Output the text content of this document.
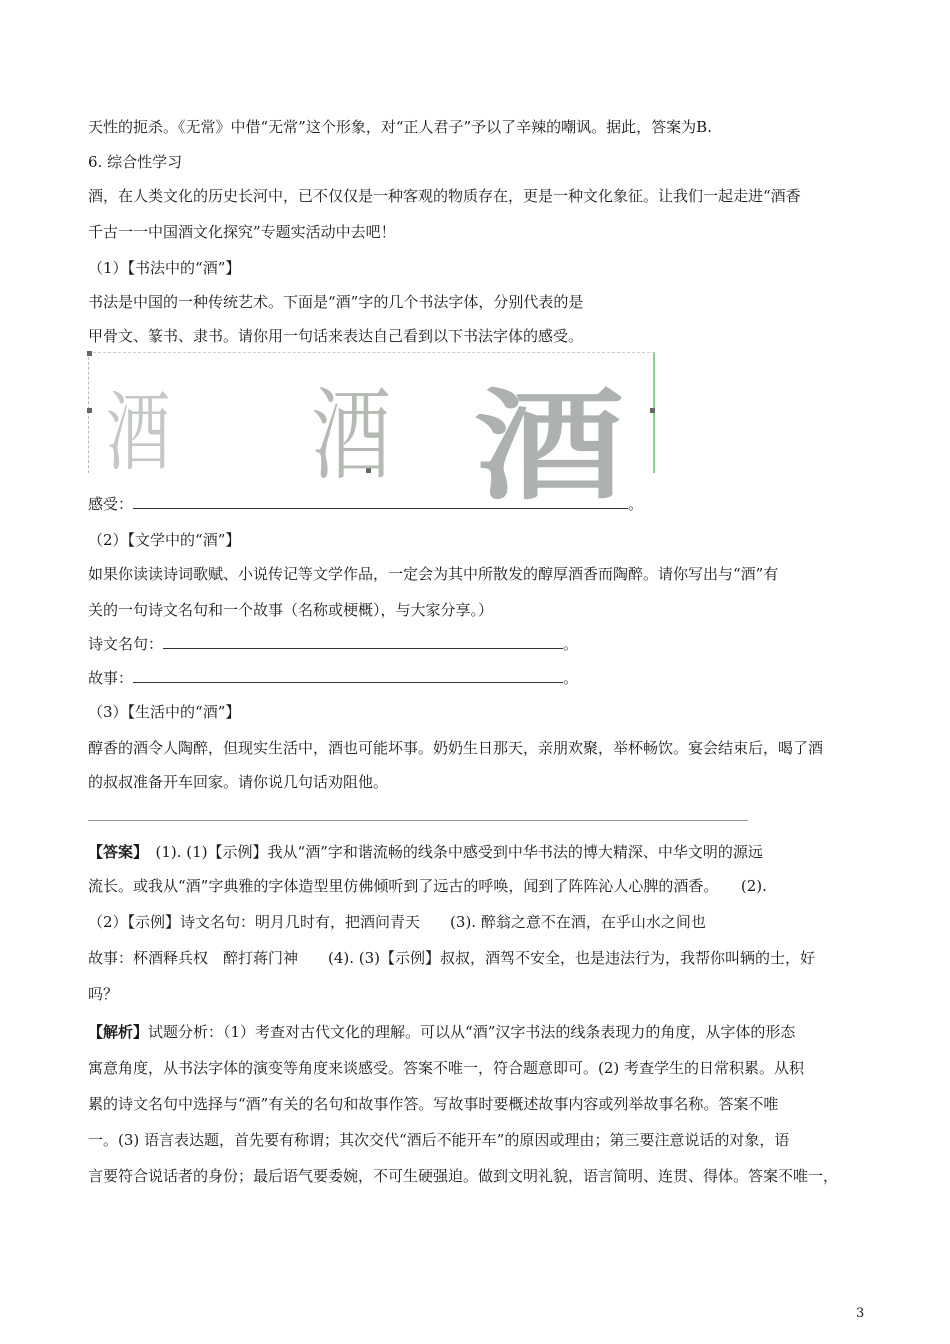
天性的扼杀。《无常》中借“无常”这个形象，对“正人君子”予以了辛辣的嘲讽。据此，答案为B.
6. 综合性学习
酒，在人类文化的历史长河中，已不仅仅是一种客观的物质存在，更是一种文化象征。让我们一起走进“酒香
千古一一中国酒文化探究”专题实活动中去吧！
（1）【书法中的“酒”】
书法是中国的一种传统艺术。下面是“酒”字的几个书法字体，分别代表的是
甲骨文、篆书、隶书。请你用一句话来表达自己看到以下书法字体的感受。
酒 酒 酒
感受：	。
（2）【文学中的“酒”】
如果你读读诗词歌赋、小说传记等文学作品，一定会为其中所散发的醇厚酒香而陶醉。请你写出与“酒”有
关的一句诗文名句和一个故事（名称或梗概），与大家分享。）
诗文名句：	。
故事：	。
（3）【生活中的“酒”】
醇香的酒令人陶醉，但现实生活中，酒也可能坏事。奶奶生日那天，亲朋欢聚，举杯畅饮。宴会结束后，喝了酒
的叔叔准备开车回家。请你说几句话劝阻他。
【答案】　(1). (1)【示例】我从“酒”字和谐流畅的线条中感受到中华书法的博大精深、中华文明的源远
流长。或我从“酒”字典雅的字体造型里仿佛倾听到了远古的呼唤，闻到了阵阵沁人心脾的酒香。　　(2).
（2）【示例】诗文名句：明月几时有，把酒问青天　　(3). 醉翁之意不在酒，在乎山水之间也
故事：杯酒释兵权　醉打蒋门神　　(4). (3)【示例】叔叔，酒驾不安全，也是违法行为，我帮你叫辆的士，好
吗？
【解析】试题分析：（1）考查对古代文化的理解。可以从“酒”汉字书法的线条表现力的角度，从字体的形态
寓意角度，从书法字体的演变等角度来谈感受。答案不唯一，符合题意即可。(2) 考查学生的日常积累。从积
累的诗文名句中选择与“酒”有关的名句和故事作答。写故事时要概述故事内容或列举故事名称。答案不唯
一。(3) 语言表达题，首先要有称谓；其次交代“酒后不能开车”的原因或理由；第三要注意说话的对象，语
言要符合说话者的身份；最后语气要委婉，不可生硬强迫。做到文明礼貌，语言简明、连贯、得体。答案不唯一，
3
